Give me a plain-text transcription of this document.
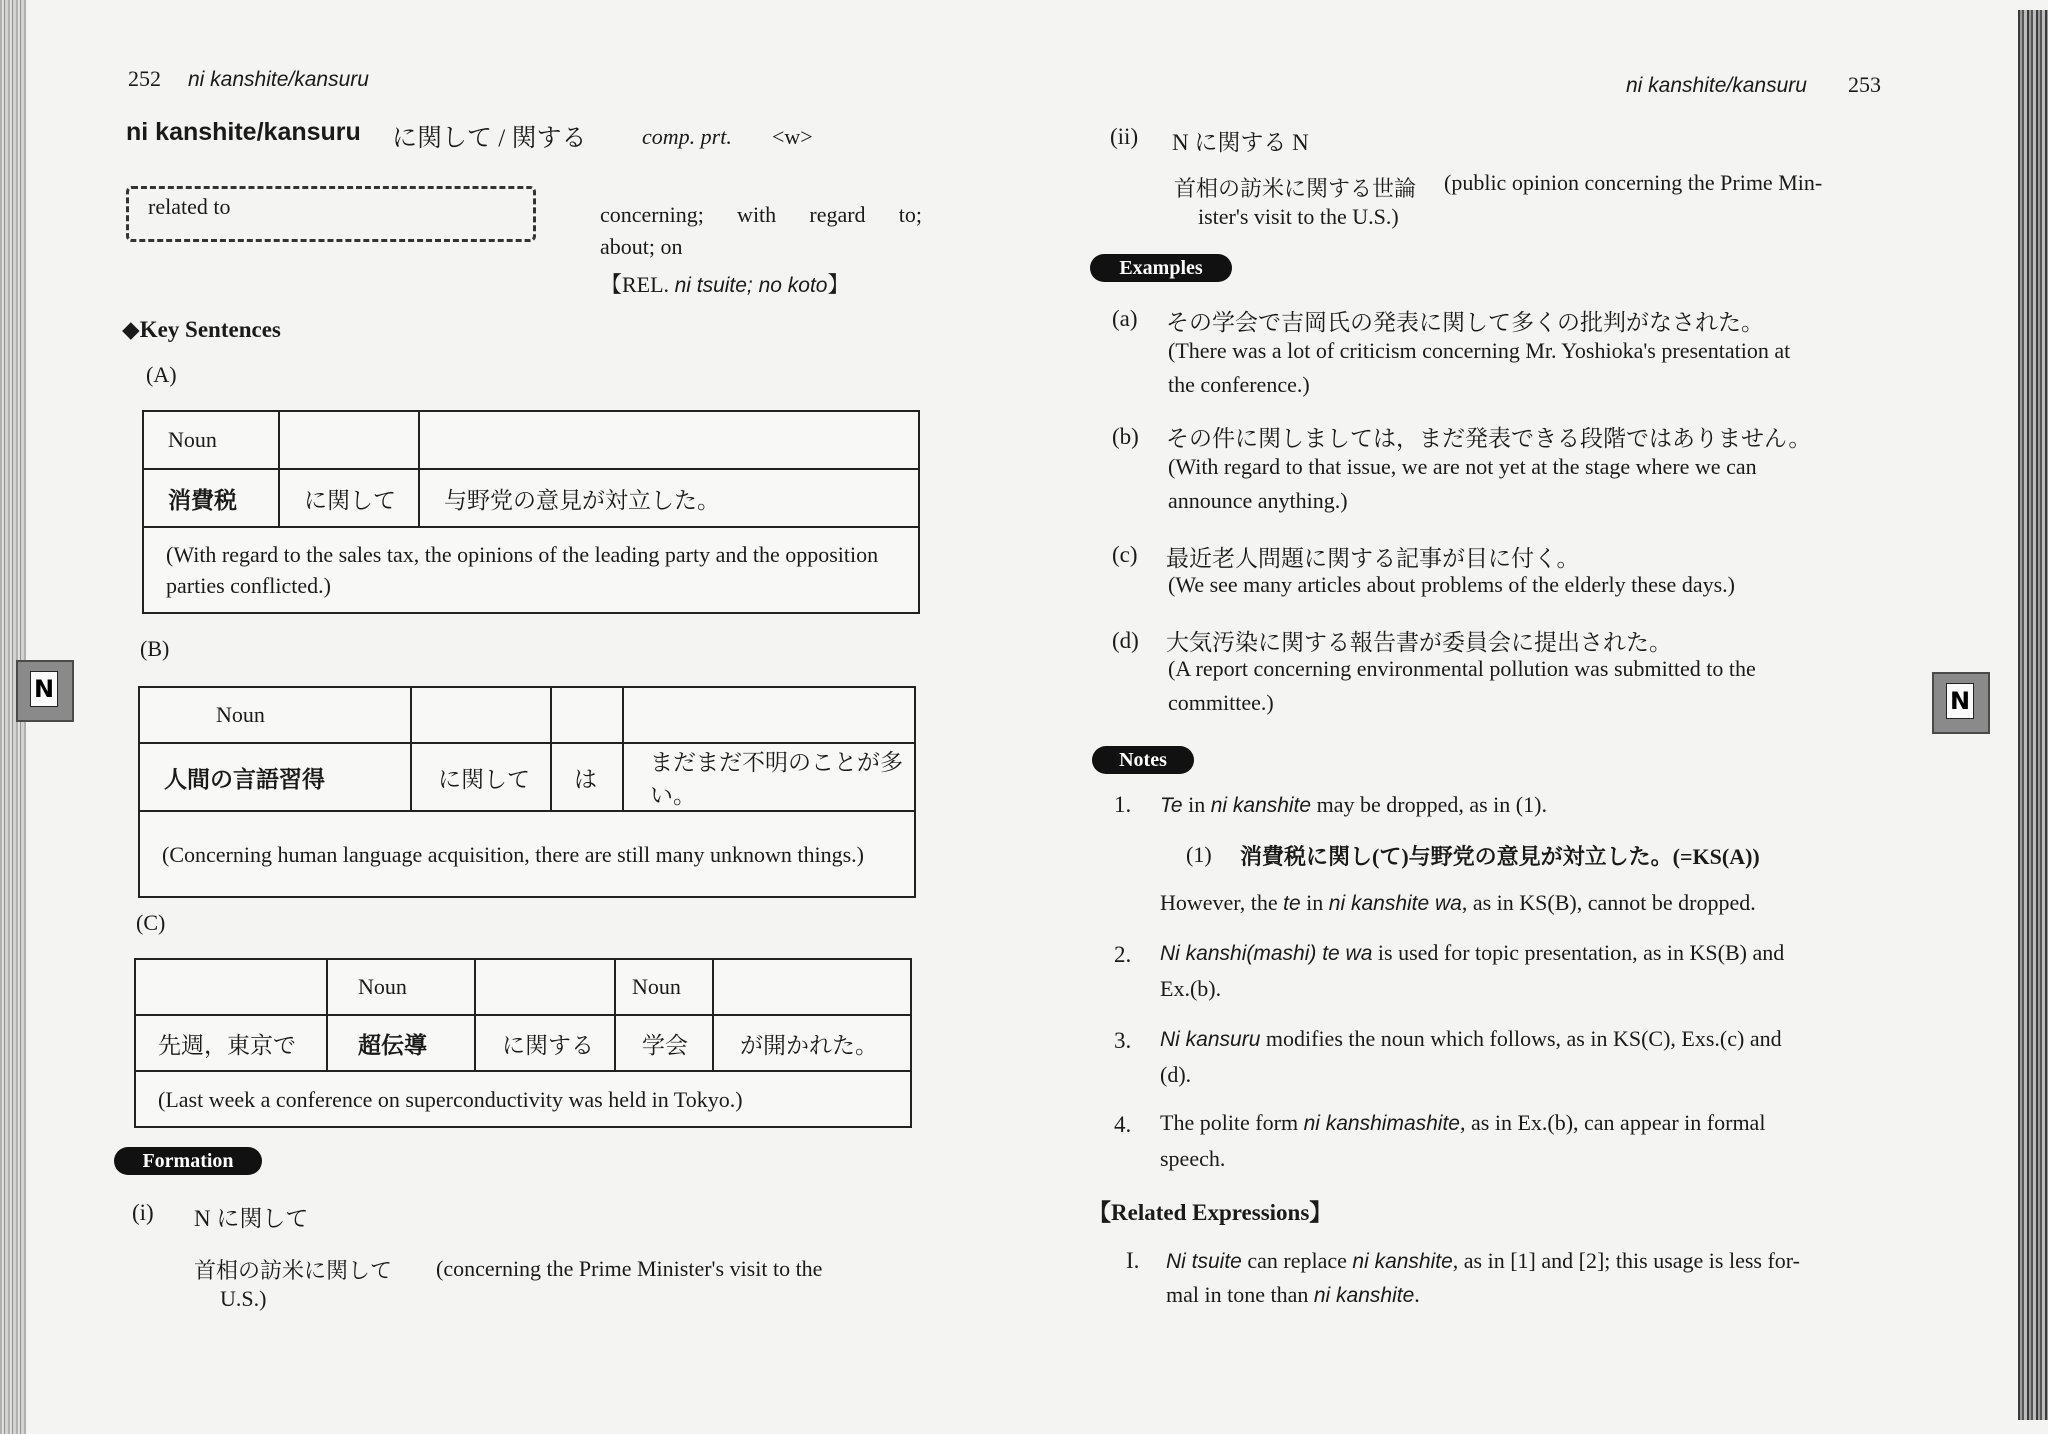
N	N
252 ni kanshite/kansuru
ni kanshite/kansuru に関して / 関する	comp. prt. <w>
related to	concerning; with regard to;
about; on
【REL. ni tsuite; no koto】
◆Key Sentences
(A)
Noun		
消費税	に関して	与野党の意見が対立した。
(With regard to the sales tax, the opinions of the leading party and the opposition parties conflicted.)		
(B)
Noun			
人間の言語習得	に関して	は	まだまだ不明のことが多い。
(Concerning human language acquisition, there are still many unknown things.)			
(C)
	Noun		Noun	
先週，東京で	超伝導	に関する	学会	が開かれた。
(Last week a conference on superconductivity was held in Tokyo.)				
Formation
(i) N に関して
首相の訪米に関して (concerning the Prime Minister's visit to the
U.S.)
ni kanshite/kansuru 253
(ii) N に関する N
首相の訪米に関する世論 (public opinion concerning the Prime Min-
ister's visit to the U.S.)
Examples
(a) その学会で吉岡氏の発表に関して多くの批判がなされた。
(There was a lot of criticism concerning Mr. Yoshioka's presentation at
the conference.)
(b) その件に関しましては，まだ発表できる段階ではありません。
(With regard to that issue, we are not yet at the stage where we can
announce anything.)
(c) 最近老人問題に関する記事が目に付く。
(We see many articles about problems of the elderly these days.)
(d) 大気汚染に関する報告書が委員会に提出された。
(A report concerning environmental pollution was submitted to the
committee.)
Notes
1. Te in ni kanshite may be dropped, as in (1).
(1) 消費税に関し(て)与野党の意見が対立した。(=KS(A))
However, the te in ni kanshite wa, as in KS(B), cannot be dropped.
2. Ni kanshi(mashi) te wa is used for topic presentation, as in KS(B) and
Ex.(b).
3. Ni kansuru modifies the noun which follows, as in KS(C), Exs.(c) and
(d).
4. The polite form ni kanshimashite, as in Ex.(b), can appear in formal
speech.
【Related Expressions】
I. Ni tsuite can replace ni kanshite, as in [1] and [2]; this usage is less for-
mal in tone than ni kanshite.
